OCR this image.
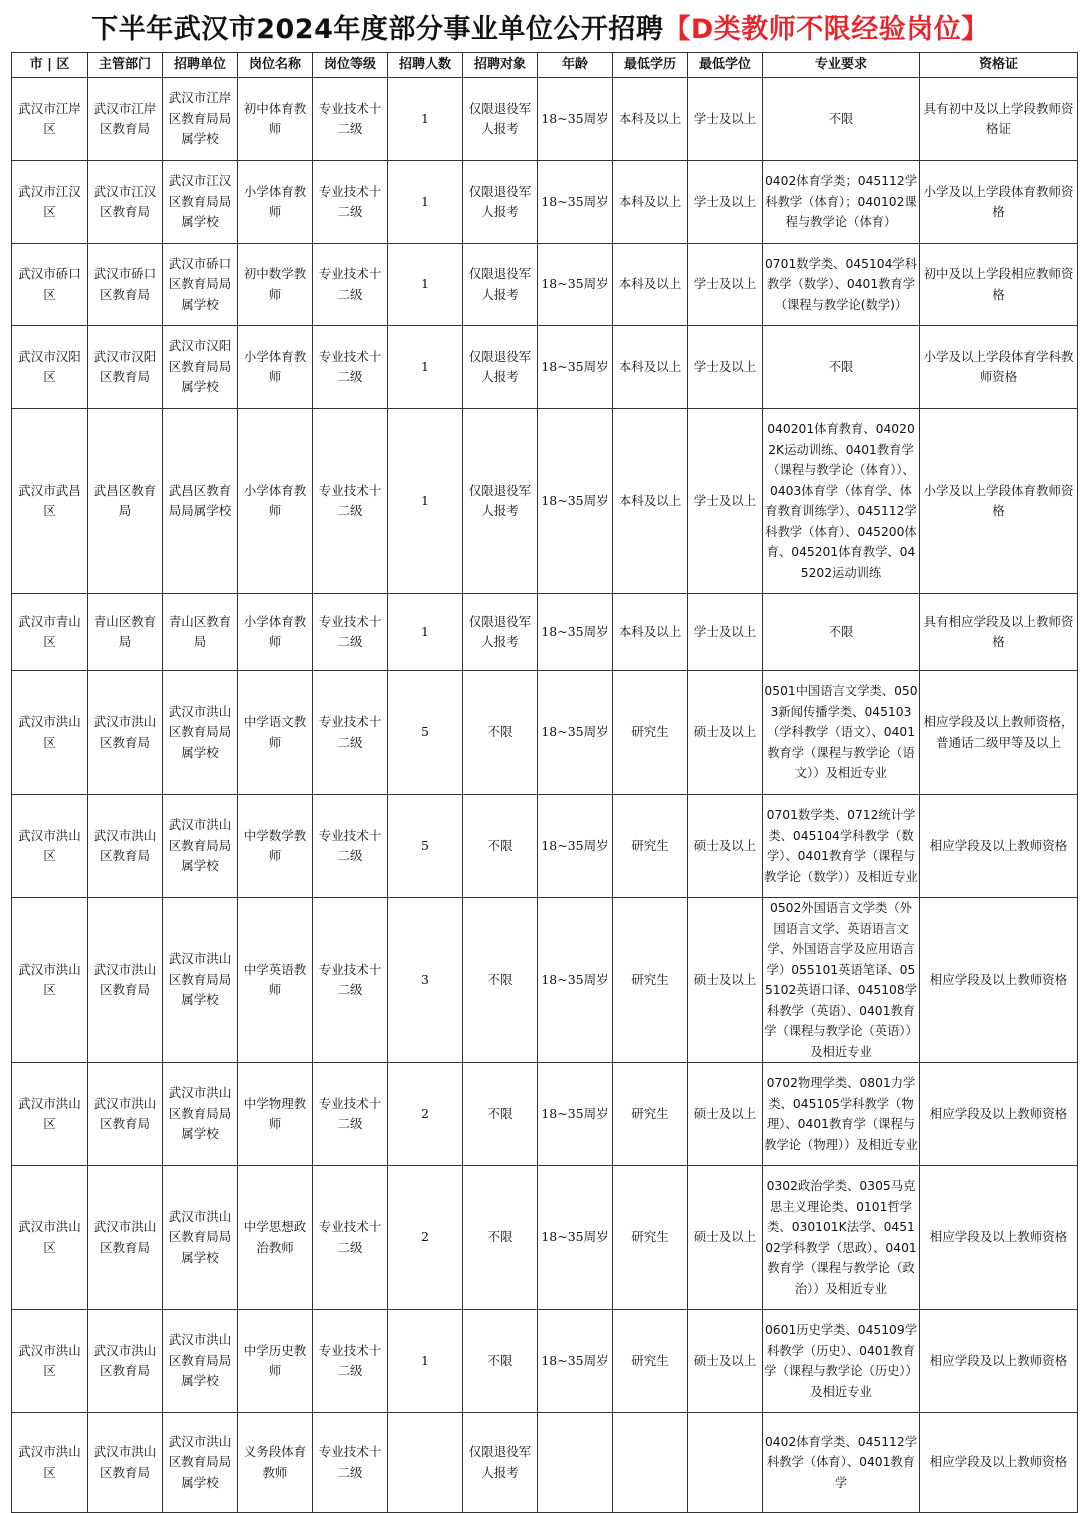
下半年武汉市2024年度部分事业单位公开招聘 【D类教师不限经验岗位】
市 | 区	主管部门	招聘单位	岗位名称	岗位等级	招聘人数	招聘对象	年龄	最低学历	最低学位	专业要求	资格证
武汉市江岸区	武汉市江岸区教育局	武汉市江岸区教育局局属学校	初中体育教师	专业技术十二级	1	仅限退役军人报考	18~35周岁	本科及以上	学士及以上	不限	具有初中及以上学段教师资格证
武汉市江汉区	武汉市江汉区教育局	武汉市江汉区教育局局属学校	小学体育教师	专业技术十二级	1	仅限退役军人报考	18~35周岁	本科及以上	学士及以上	0402体育学类；045112学科教学（体育）；040102课程与教学论（体育）	小学及以上学段体育教师资格
武汉市硚口区	武汉市硚口区教育局	武汉市硚口区教育局局属学校	初中数学教师	专业技术十二级	1	仅限退役军人报考	18~35周岁	本科及以上	学士及以上	0701数学类、045104学科教学（数学）、0401教育学（课程与教学论(数学)）	初中及以上学段相应教师资格
武汉市汉阳区	武汉市汉阳区教育局	武汉市汉阳区教育局局属学校	小学体育教师	专业技术十二级	1	仅限退役军人报考	18~35周岁	本科及以上	学士及以上	不限	小学及以上学段体育学科教师资格
武汉市武昌区	武昌区教育局	武昌区教育局局属学校	小学体育教师	专业技术十二级	1	仅限退役军人报考	18~35周岁	本科及以上	学士及以上	040201体育教育、040202K运动训练、0401教育学（课程与教学论（体育））、0403体育学（体育学、体育教育训练学）、045112学科教学（体育）、045200体育、045201体育教学、045202运动训练	小学及以上学段体育教师资格
武汉市青山区	青山区教育局	青山区教育局	小学体育教师	专业技术十二级	1	仅限退役军人报考	18~35周岁	本科及以上	学士及以上	不限	具有相应学段及以上教师资格
武汉市洪山区	武汉市洪山区教育局	武汉市洪山区教育局局属学校	中学语文教师	专业技术十二级	5	不限	18~35周岁	研究生	硕士及以上	0501中国语言文学类、0503新闻传播学类、045103（学科教学（语文）、0401教育学（课程与教学论（语文））及相近专业	相应学段及以上教师资格，普通话二级甲等及以上
武汉市洪山区	武汉市洪山区教育局	武汉市洪山区教育局局属学校	中学数学教师	专业技术十二级	5	不限	18~35周岁	研究生	硕士及以上	0701数学类、0712统计学类、045104学科教学（数学）、0401教育学（课程与教学论（数学））及相近专业	相应学段及以上教师资格
武汉市洪山区	武汉市洪山区教育局	武汉市洪山区教育局局属学校	中学英语教师	专业技术十二级	3	不限	18~35周岁	研究生	硕士及以上	0502外国语言文学类（外国语言文学、英语语言文学、外国语言学及应用语言学）055101英语笔译、055102英语口译、045108学科教学（英语）、0401教育学（课程与教学论（英语））及相近专业	相应学段及以上教师资格
武汉市洪山区	武汉市洪山区教育局	武汉市洪山区教育局局属学校	中学物理教师	专业技术十二级	2	不限	18~35周岁	研究生	硕士及以上	0702物理学类、0801力学类、045105学科教学（物理）、0401教育学（课程与教学论（物理））及相近专业	相应学段及以上教师资格
武汉市洪山区	武汉市洪山区教育局	武汉市洪山区教育局局属学校	中学思想政治教师	专业技术十二级	2	不限	18~35周岁	研究生	硕士及以上	0302政治学类、0305马克思主义理论类、0101哲学类、030101K法学、045102学科教学（思政）、0401教育学（课程与教学论（政治））及相近专业	相应学段及以上教师资格
武汉市洪山区	武汉市洪山区教育局	武汉市洪山区教育局局属学校	中学历史教师	专业技术十二级	1	不限	18~35周岁	研究生	硕士及以上	0601历史学类、045109学科教学（历史）、0401教育学（课程与教学论（历史））及相近专业	相应学段及以上教师资格
武汉市洪山区	武汉市洪山区教育局	武汉市洪山区教育局局属学校	义务段体育教师	专业技术十二级		仅限退役军人报考				0402体育学类、045112学科教学（体育）、0401教育学	相应学段及以上教师资格
